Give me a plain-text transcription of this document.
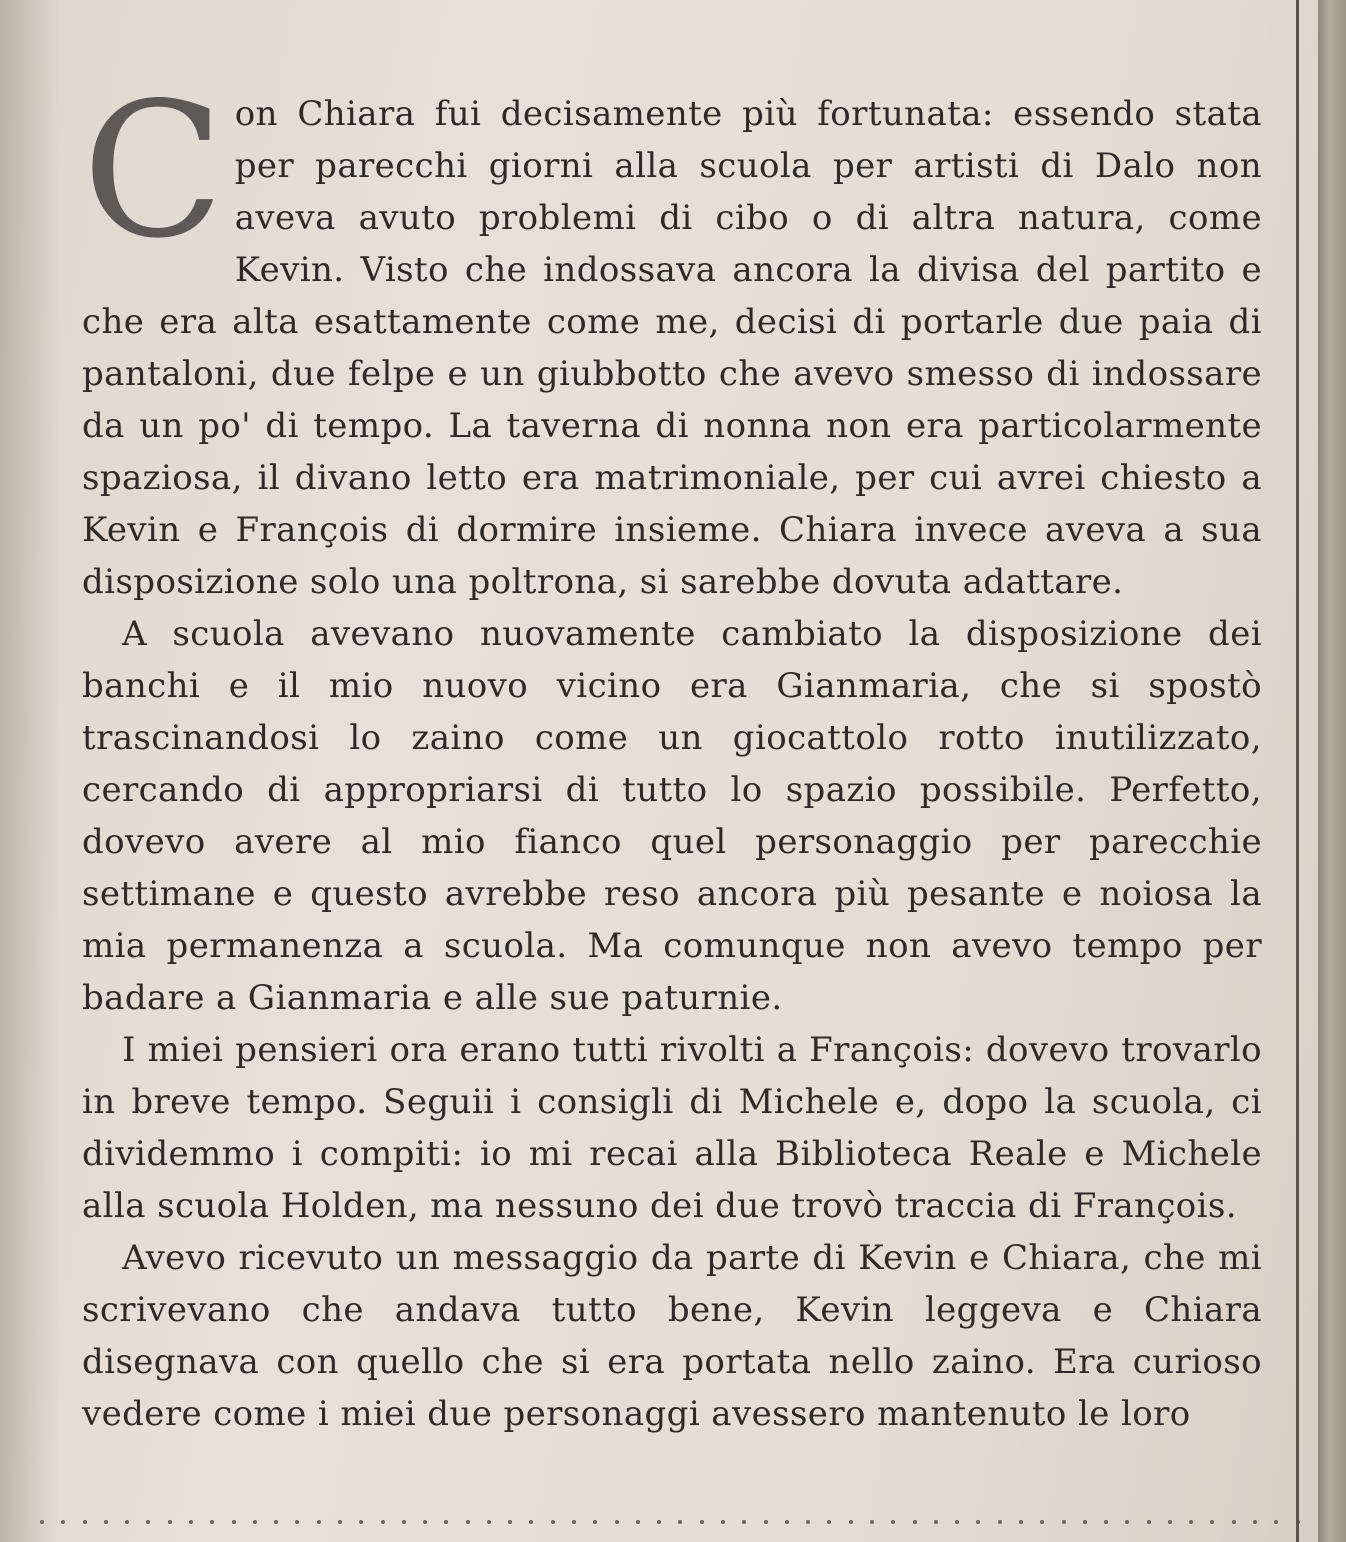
Con Chiara fui decisamente più fortunata: essendo stata per parecchi giorni alla scuola per artisti di Dalo non aveva avuto problemi di cibo o di altra natura, come Kevin. Visto che indossava ancora la divisa del partito e che era alta esattamente come me, decisi di portarle due paia di pantaloni, due felpe e un giubbotto che avevo smesso di indossare da un po' di tempo. La taverna di nonna non era particolarmente spaziosa, il divano letto era matrimoniale, per cui avrei chiesto a Kevin e François di dormire insieme. Chiara invece aveva a sua disposizione solo una poltrona, si sarebbe dovuta adattare.

A scuola avevano nuovamente cambiato la disposizione dei banchi e il mio nuovo vicino era Gianmaria, che si spostò trascinandosi lo zaino come un giocattolo rotto inutilizzato, cercando di appropriarsi di tutto lo spazio possibile. Perfetto, dovevo avere al mio fianco quel personaggio per parecchie settimane e questo avrebbe reso ancora più pesante e noiosa la mia permanenza a scuola. Ma comunque non avevo tempo per badare a Gianmaria e alle sue paturnie.

I miei pensieri ora erano tutti rivolti a François: dovevo trovarlo in breve tempo. Seguii i consigli di Michele e, dopo la scuola, ci dividemmo i compiti: io mi recai alla Biblioteca Reale e Michele alla scuola Holden, ma nessuno dei due trovò traccia di François.

Avevo ricevuto un messaggio da parte di Kevin e Chiara, che mi scrivevano che andava tutto bene, Kevin leggeva e Chiara disegnava con quello che si era portata nello zaino. Era curioso vedere come i miei due personaggi avessero mantenuto le loro
